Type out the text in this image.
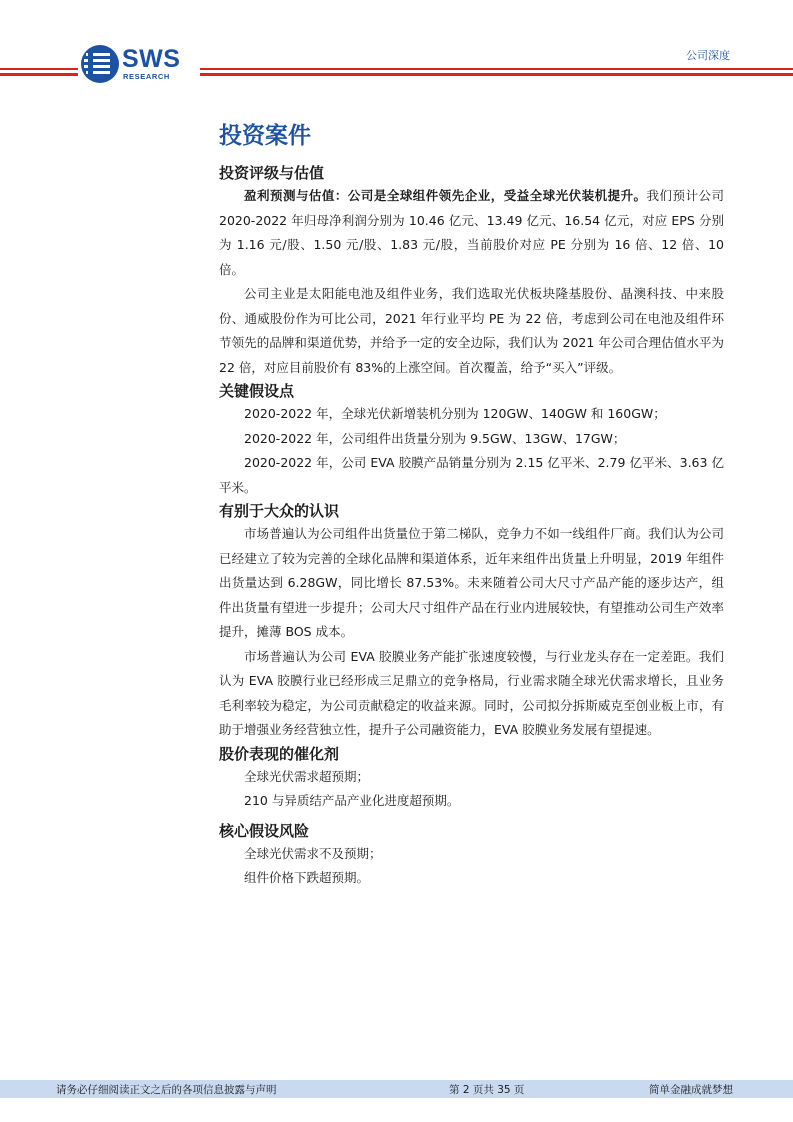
SWS
RESEARCH
公司深度
投资案件
投资评级与估值

盈利预测与估值：公司是全球组件领先企业，受益全球光伏装机提升。我们预计公司 2020-2022 年归母净利润分别为 10.46 亿元、13.49 亿元、16.54 亿元，对应 EPS 分别为 1.16 元/股、1.50 元/股、1.83 元/股，当前股价对应 PE 分别为 16 倍、12 倍、10 倍。

公司主业是太阳能电池及组件业务，我们选取光伏板块隆基股份、晶澳科技、中来股份、通威股份作为可比公司，2021 年行业平均 PE 为 22 倍，考虑到公司在电池及组件环节领先的品牌和渠道优势，并给予一定的安全边际，我们认为 2021 年公司合理估值水平为 22 倍，对应目前股价有 83%的上涨空间。首次覆盖，给予“买入”评级。

关键假设点

2020-2022 年，全球光伏新增装机分别为 120GW、140GW 和 160GW；

2020-2022 年，公司组件出货量分别为 9.5GW、13GW、17GW；

2020-2022 年，公司 EVA 胶膜产品销量分别为 2.15 亿平米、2.79 亿平米、3.63 亿平米。

有别于大众的认识

市场普遍认为公司组件出货量位于第二梯队，竞争力不如一线组件厂商。我们认为公司已经建立了较为完善的全球化品牌和渠道体系，近年来组件出货量上升明显，2019 年组件出货量达到 6.28GW，同比增长 87.53%。未来随着公司大尺寸产品产能的逐步达产，组件出货量有望进一步提升；公司大尺寸组件产品在行业内进展较快，有望推动公司生产效率提升，摊薄 BOS 成本。

市场普遍认为公司 EVA 胶膜业务产能扩张速度较慢，与行业龙头存在一定差距。我们认为 EVA 胶膜行业已经形成三足鼎立的竞争格局，行业需求随全球光伏需求增长，且业务毛利率较为稳定，为公司贡献稳定的收益来源。同时，公司拟分拆斯威克至创业板上市，有助于增强业务经营独立性，提升子公司融资能力，EVA 胶膜业务发展有望提速。

股价表现的催化剂

全球光伏需求超预期；

210 与异质结产品产业化进度超预期。

核心假设风险

全球光伏需求不及预期；

组件价格下跌超预期。

请务必仔细阅读正文之后的各项信息披露与声明	第 2 页共 35 页	简单金融成就梦想
